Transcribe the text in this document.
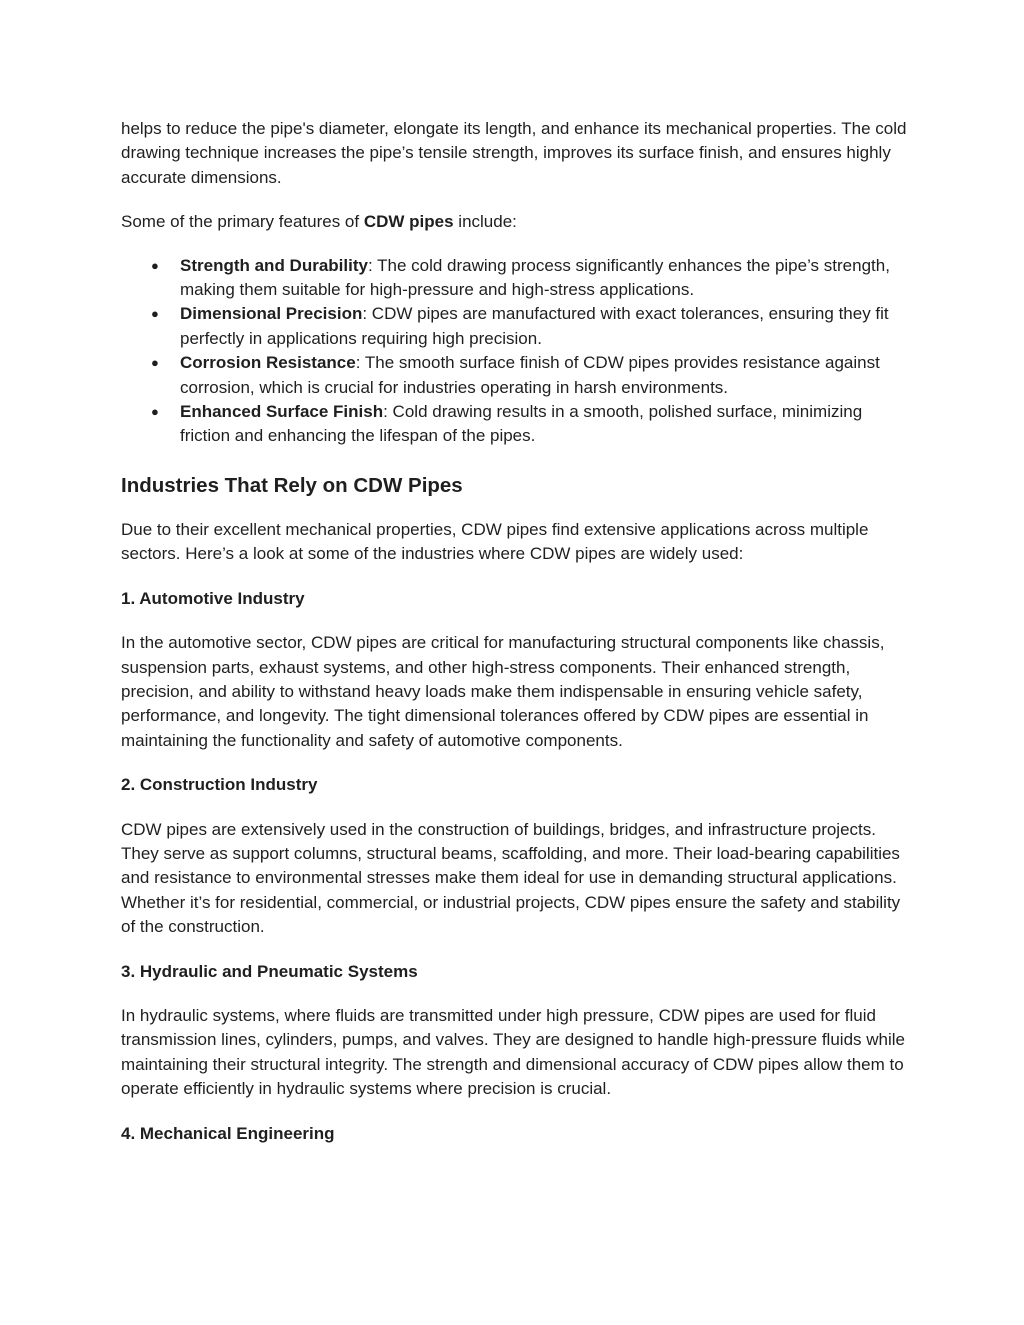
helps to reduce the pipe's diameter, elongate its length, and enhance its mechanical properties. The cold drawing technique increases the pipe’s tensile strength, improves its surface finish, and ensures highly accurate dimensions.

Some of the primary features of CDW pipes include:

● Strength and Durability: The cold drawing process significantly enhances the pipe’s strength, making them suitable for high-pressure and high-stress applications.
● Dimensional Precision: CDW pipes are manufactured with exact tolerances, ensuring they fit perfectly in applications requiring high precision.
● Corrosion Resistance: The smooth surface finish of CDW pipes provides resistance against corrosion, which is crucial for industries operating in harsh environments.
● Enhanced Surface Finish: Cold drawing results in a smooth, polished surface, minimizing friction and enhancing the lifespan of the pipes.
Industries That Rely on CDW Pipes

Due to their excellent mechanical properties, CDW pipes find extensive applications across multiple sectors. Here’s a look at some of the industries where CDW pipes are widely used:

1. Automotive Industry

In the automotive sector, CDW pipes are critical for manufacturing structural components like chassis, suspension parts, exhaust systems, and other high-stress components. Their enhanced strength, precision, and ability to withstand heavy loads make them indispensable in ensuring vehicle safety, performance, and longevity. The tight dimensional tolerances offered by CDW pipes are essential in maintaining the functionality and safety of automotive components.

2. Construction Industry

CDW pipes are extensively used in the construction of buildings, bridges, and infrastructure projects. They serve as support columns, structural beams, scaffolding, and more. Their load-bearing capabilities and resistance to environmental stresses make them ideal for use in demanding structural applications. Whether it’s for residential, commercial, or industrial projects, CDW pipes ensure the safety and stability of the construction.

3. Hydraulic and Pneumatic Systems

In hydraulic systems, where fluids are transmitted under high pressure, CDW pipes are used for fluid transmission lines, cylinders, pumps, and valves. They are designed to handle high-pressure fluids while maintaining their structural integrity. The strength and dimensional accuracy of CDW pipes allow them to operate efficiently in hydraulic systems where precision is crucial.

4. Mechanical Engineering
